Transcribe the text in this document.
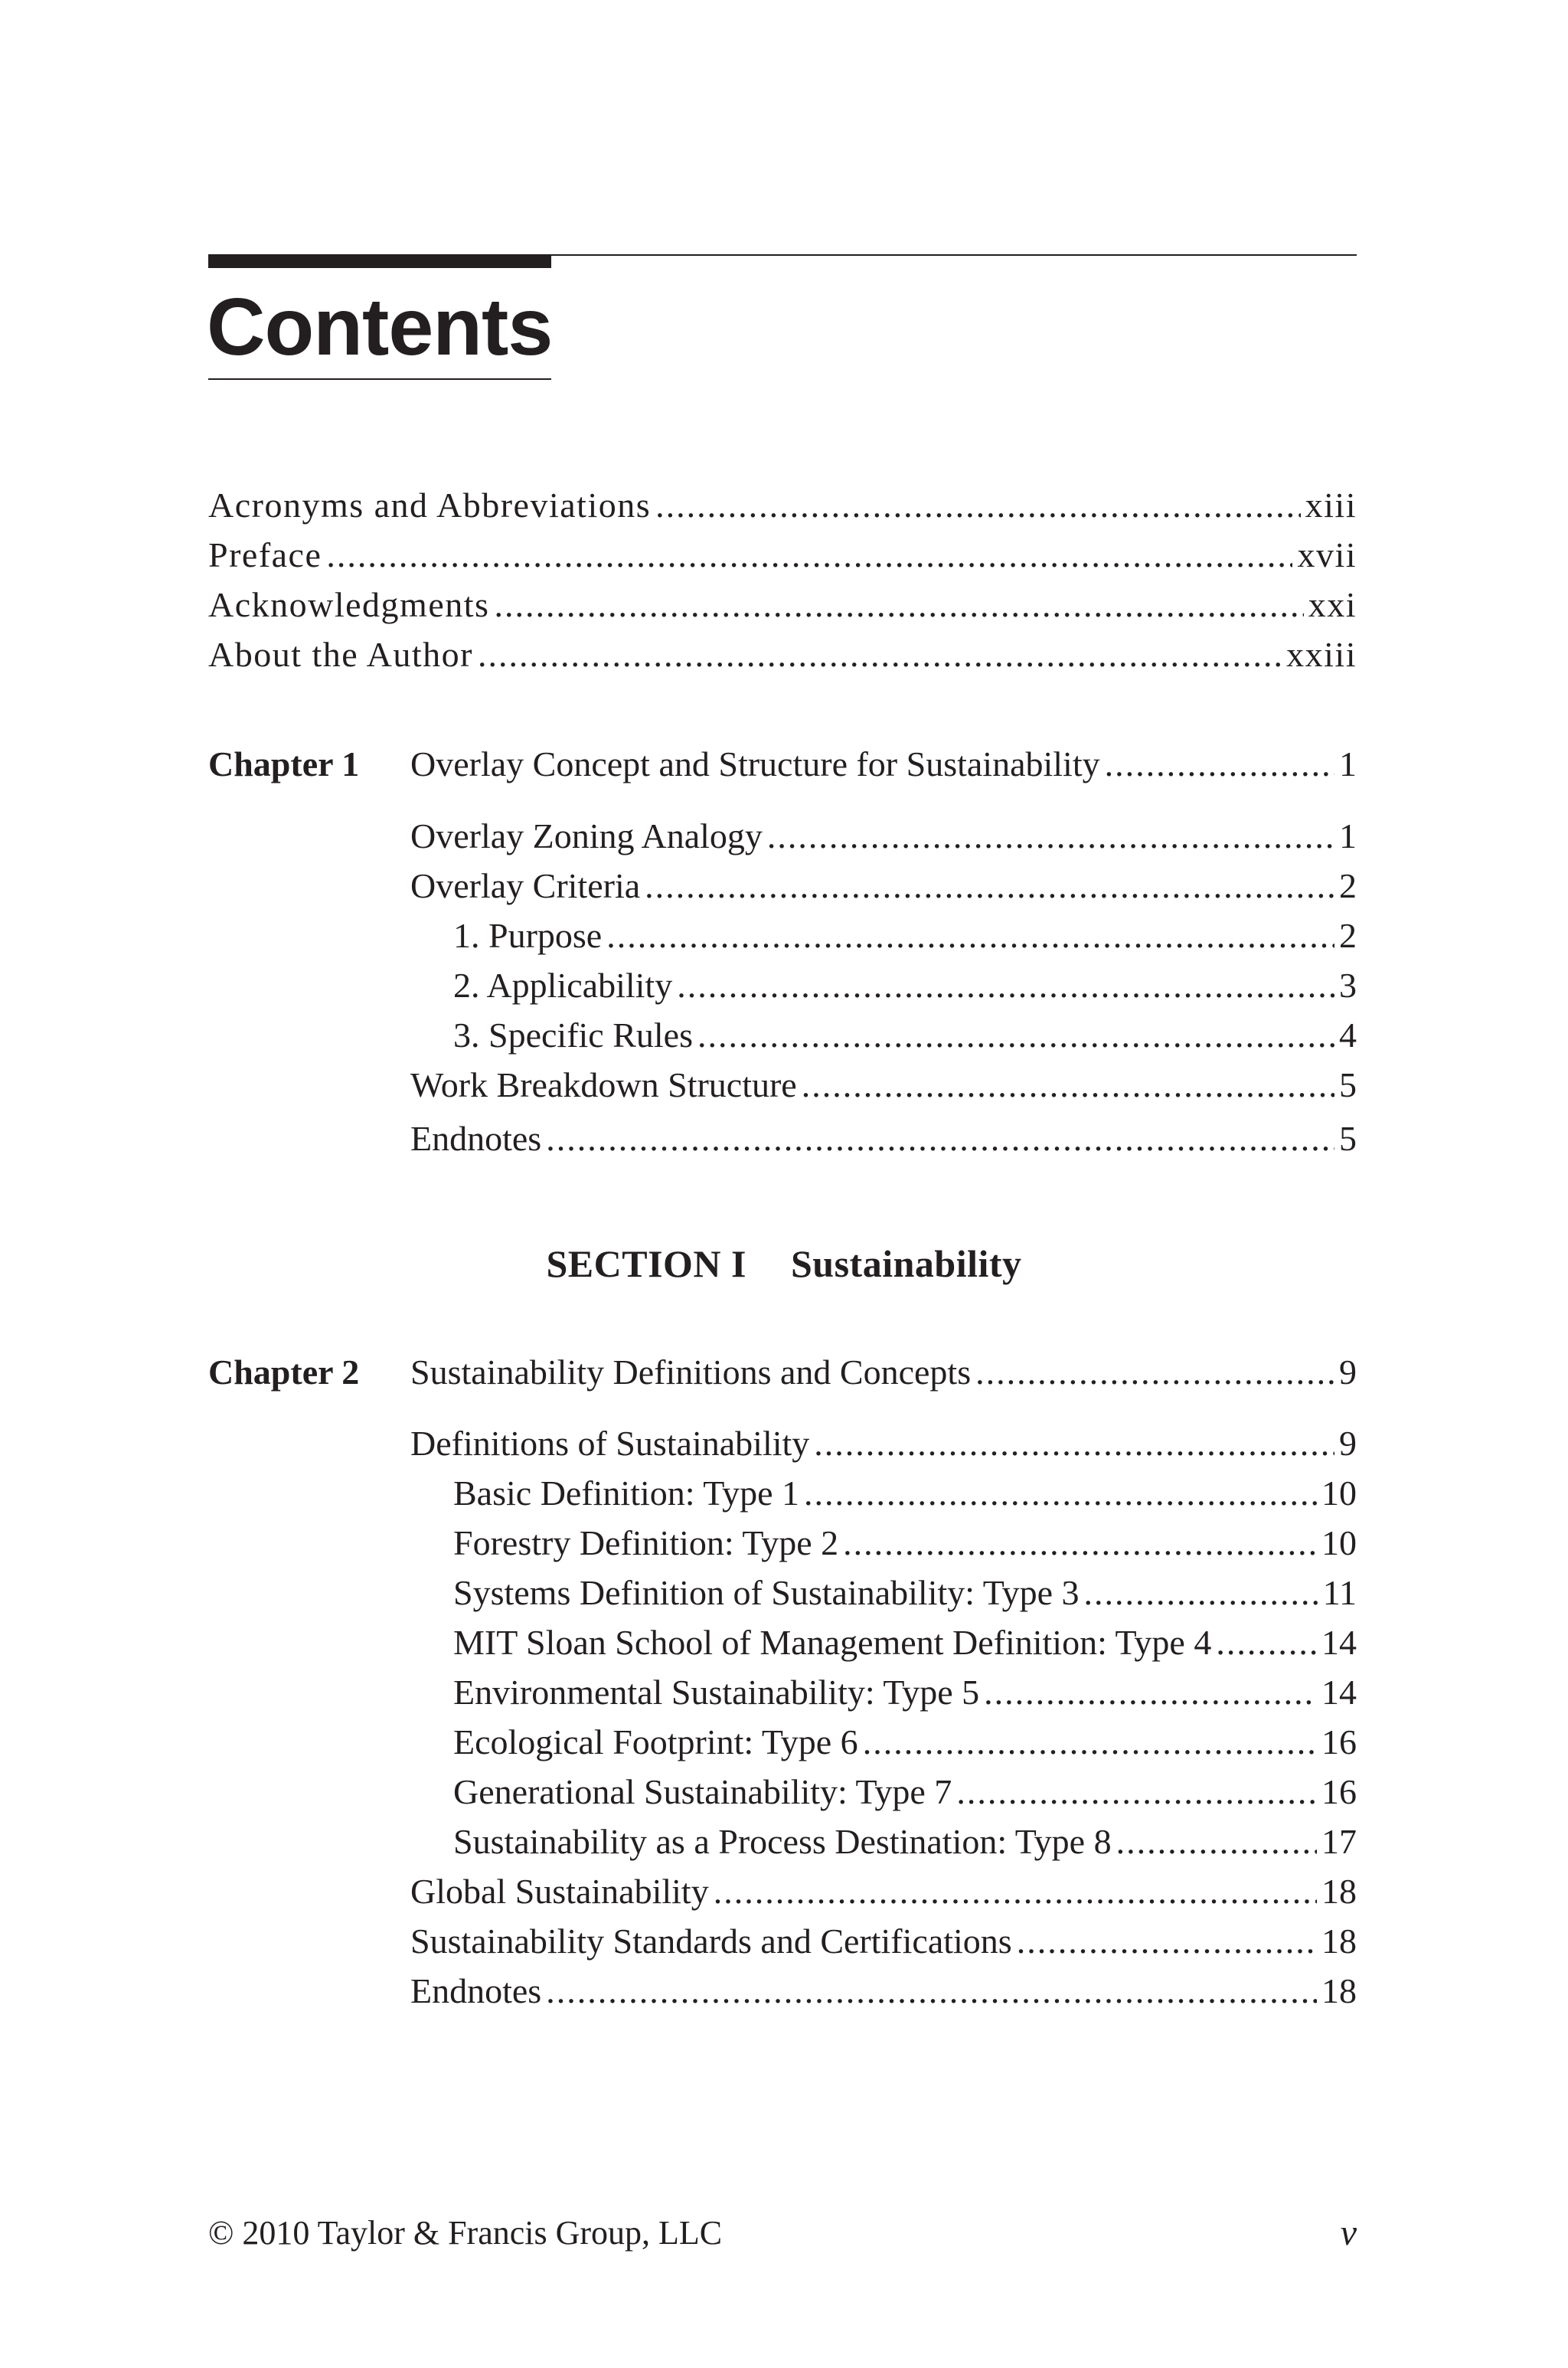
Contents
Acronyms and Abbreviations .....	xiii
Preface .....	xvii
Acknowledgments .....	xxi
About the Author .....	xxiii
Chapter 1 Overlay Concept and Structure for Sustainability .....	1
Overlay Zoning Analogy .....	1
Overlay Criteria .....	2
1. Purpose .....	2
2. Applicability .....	3
3. Specific Rules .....	4
Work Breakdown Structure .....	5
Endnotes .....	5
SECTION I Sustainability
Chapter 2 Sustainability Definitions and Concepts .....	9
Definitions of Sustainability .....	9
Basic Definition: Type 1 .....	10
Forestry Definition: Type 2 .....	10
Systems Definition of Sustainability: Type 3 .....	11
MIT Sloan School of Management Definition: Type 4 .....	14
Environmental Sustainability: Type 5 .....	14
Ecological Footprint: Type 6 .....	16
Generational Sustainability: Type 7 .....	16
Sustainability as a Process Destination: Type 8 .....	17
Global Sustainability .....	18
Sustainability Standards and Certifications .....	18
Endnotes .....	18
© 2010 Taylor & Francis Group, LLC	v
